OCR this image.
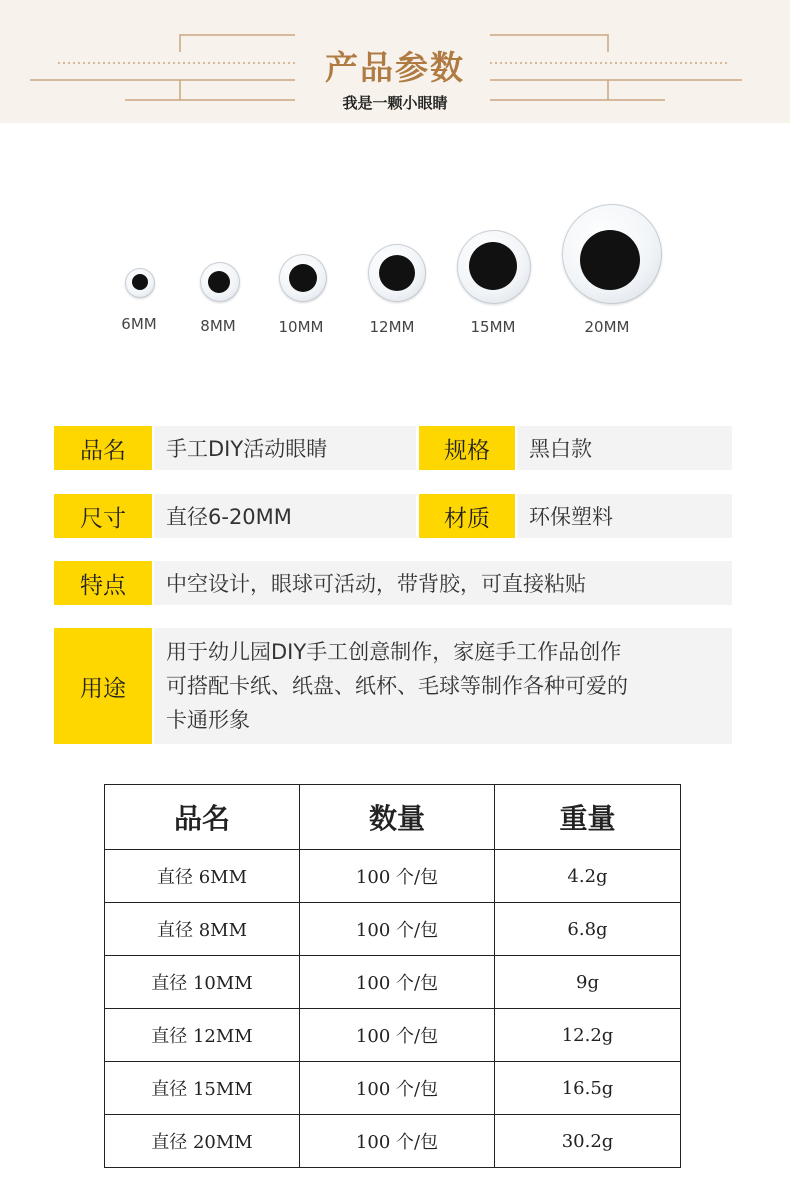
产品参数
我是一颗小眼睛
6MM	8MM	10MM	12MM	15MM	20MM
品名	手工DIY活动眼睛	规格	黑白款
尺寸	直径6-20MM	材质	环保塑料
特点	中空设计，眼球可活动，带背胶，可直接粘贴
用途
用于幼儿园DIY手工创意制作，家庭手工作品创作
可搭配卡纸、纸盘、纸杯、毛球等制作各种可爱的
卡通形象
品名	数量	重量
直径 6MM	100 个/包	4.2g
直径 8MM	100 个/包	6.8g
直径 10MM	100 个/包	9g
直径 12MM	100 个/包	12.2g
直径 15MM	100 个/包	16.5g
直径 20MM	100 个/包	30.2g
